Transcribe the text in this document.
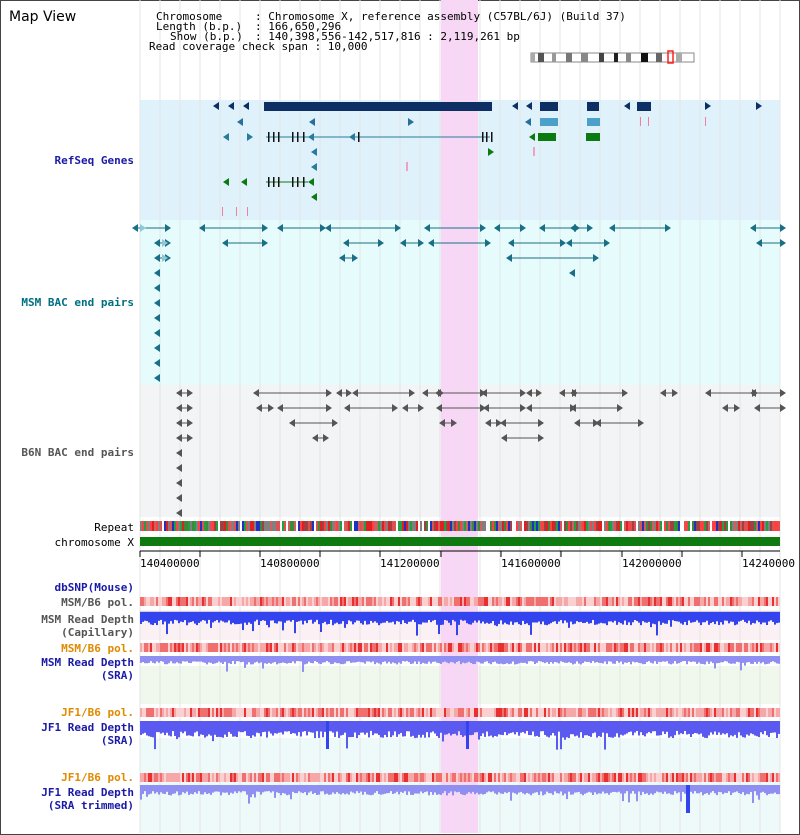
Map View	Chromosome	: Chromosome X, reference assembly (C57BL/6J) (Build 37)
Length (b.p.) : 166,650,296
Show (b.p.) : 140,398,556-142,517,816 : 2,119,261 bp
Read coverage check span : 10,000
RefSeq Genes
MSM BAC end pairs
B6N BAC end pairs
Repeat
chromosome X
dbSNP(Mouse)
MSM/B6 pol.
MSM Read Depth
(Capillary)
MSM/B6 pol.
MSM Read Depth
(SRA)
JF1/B6 pol.
JF1 Read Depth
(SRA)
JF1/B6 pol.
JF1 Read Depth
(SRA trimmed)
140400000	140800000	141200000	141600000	142000000	14240000
